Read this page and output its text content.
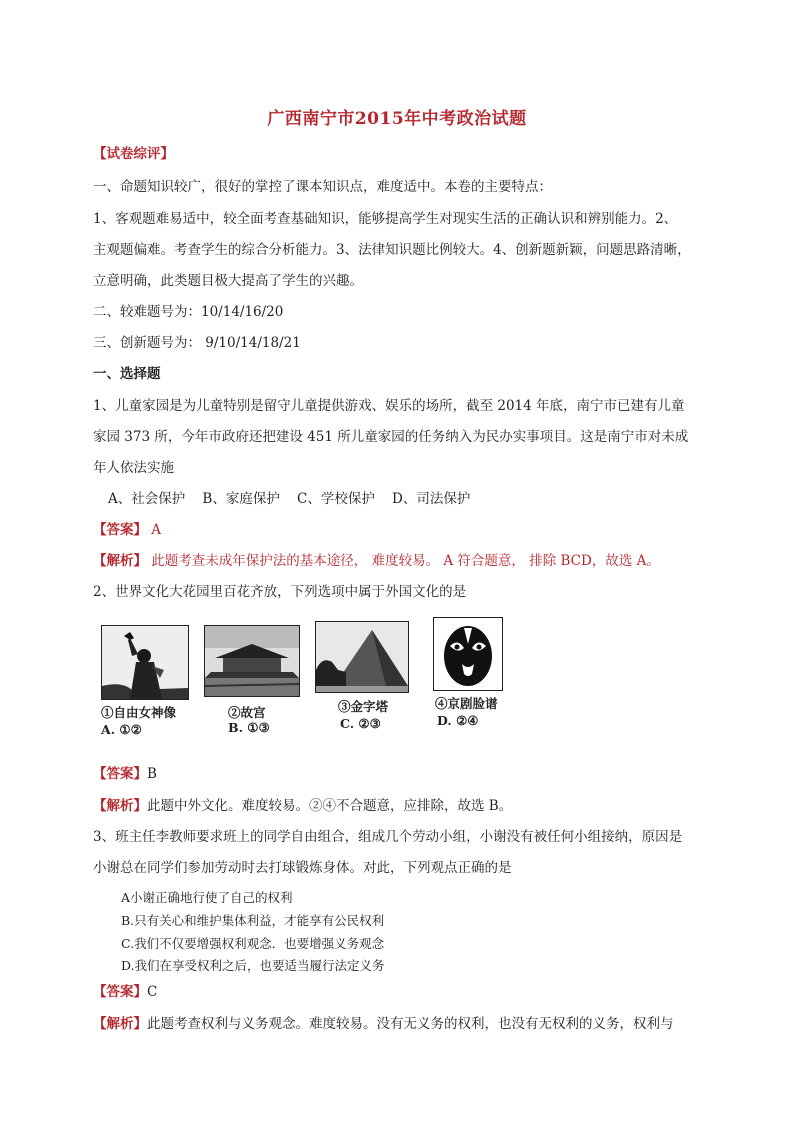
广西南宁市2015年中考政治试题
【试卷综评】
一、命题知识较广，很好的掌控了课本知识点，难度适中。本卷的主要特点：
1、客观题难易适中，较全面考查基础知识，能够提高学生对现实生活的正确认识和辨别能力。2、
主观题偏难。考查学生的综合分析能力。3、法律知识题比例较大。4、创新题新颖，问题思路清晰，
立意明确，此类题目极大提高了学生的兴趣。
二、较难题号为：10/14/16/20
三、创新题号为： 9/10/14/18/21
一、选择题
1、儿童家园是为儿童特别是留守儿童提供游戏、娱乐的场所，截至 2014 年底，南宁市已建有儿童
家园 373 所，今年市政府还把建设 451 所儿童家园的任务纳入为民办实事项目。这是南宁市对未成
年人依法实施
A、社会保护    B、家庭保护    C、学校保护    D、司法保护
【答案】 A
【解析】 此题考查未成年保护法的基本途径， 难度较易。 A 符合题意， 排除 BCD，故选 A。
2、世界文化大花园里百花齐放，下列选项中属于外国文化的是
①自由女神像	②故宫	③金字塔	④京剧脸谱
A. ①②	B. ①③	C. ②③	D. ②④
【答案】B
【解析】此题中外文化。难度较易。②④不合题意，应排除，故选 B。
3、班主任李教师要求班上的同学自由组合，组成几个劳动小组，小谢没有被任何小组接纳，原因是
小谢总在同学们参加劳动时去打球锻炼身体。对此，下列观点正确的是
A小谢正确地行使了自己的权利
B.只有关心和维护集体利益，才能享有公民权利
C.我们不仅要增强权利观念．也要增强义务观念
D.我们在享受权利之后，也要适当履行法定义务
【答案】C
【解析】此题考查权利与义务观念。难度较易。没有无义务的权利，也没有无权利的义务，权利与
